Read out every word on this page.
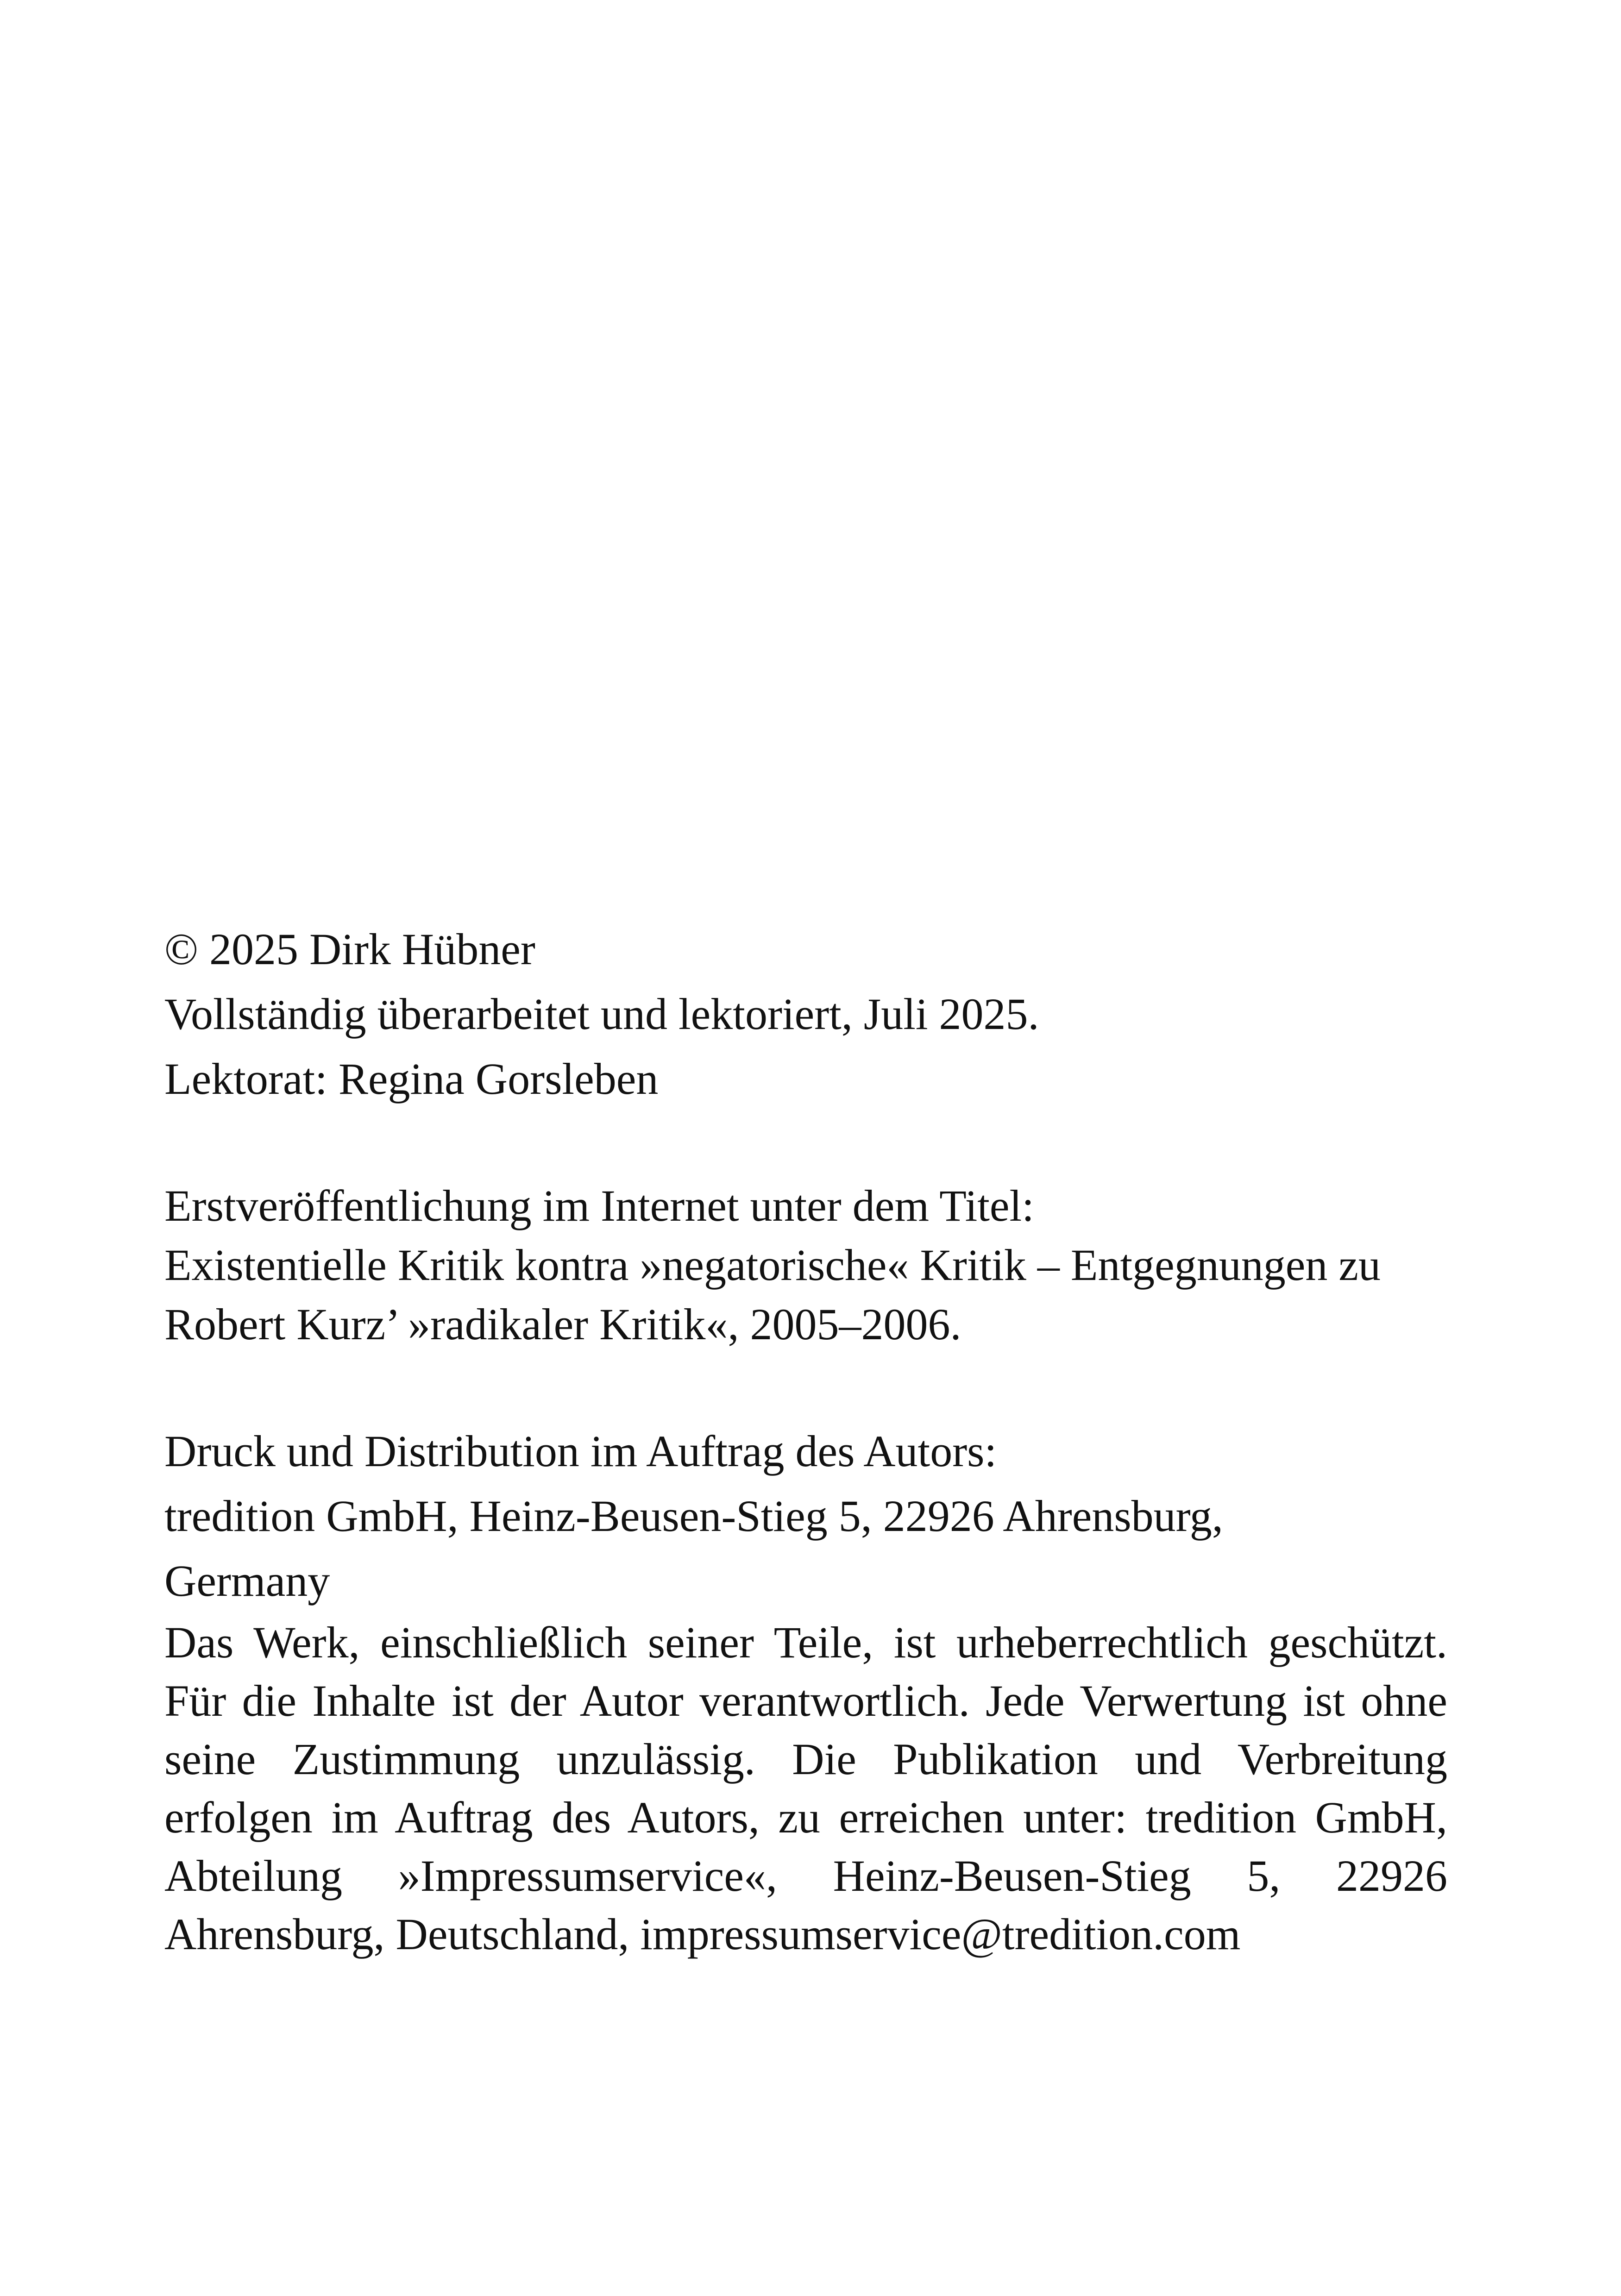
© 2025 Dirk Hübner
Vollständig überarbeitet und lektoriert, Juli 2025.
Lektorat: Regina Gorsleben
Erstveröffentlichung im Internet unter dem Titel:
Existentielle Kritik kontra »negatorische« Kritik – Entgegnungen zu
Robert Kurz’ »radikaler Kritik«, 2005–2006.
Druck und Distribution im Auftrag des Autors:
tredition GmbH, Heinz-Beusen-Stieg 5, 22926 Ahrensburg,
Germany
Das Werk, einschließlich seiner Teile, ist urheberrechtlich geschützt. Für die Inhalte ist der Autor verantwortlich. Jede Verwertung ist ohne seine Zustimmung unzulässig. Die Publikation und Verbreitung erfolgen im Auftrag des Autors, zu erreichen unter: tredition GmbH, Abteilung »Impressumservice«, Heinz-Beusen-Stieg 5, 22926 Ahrensburg, Deutschland, impressumservice@tredition.com
